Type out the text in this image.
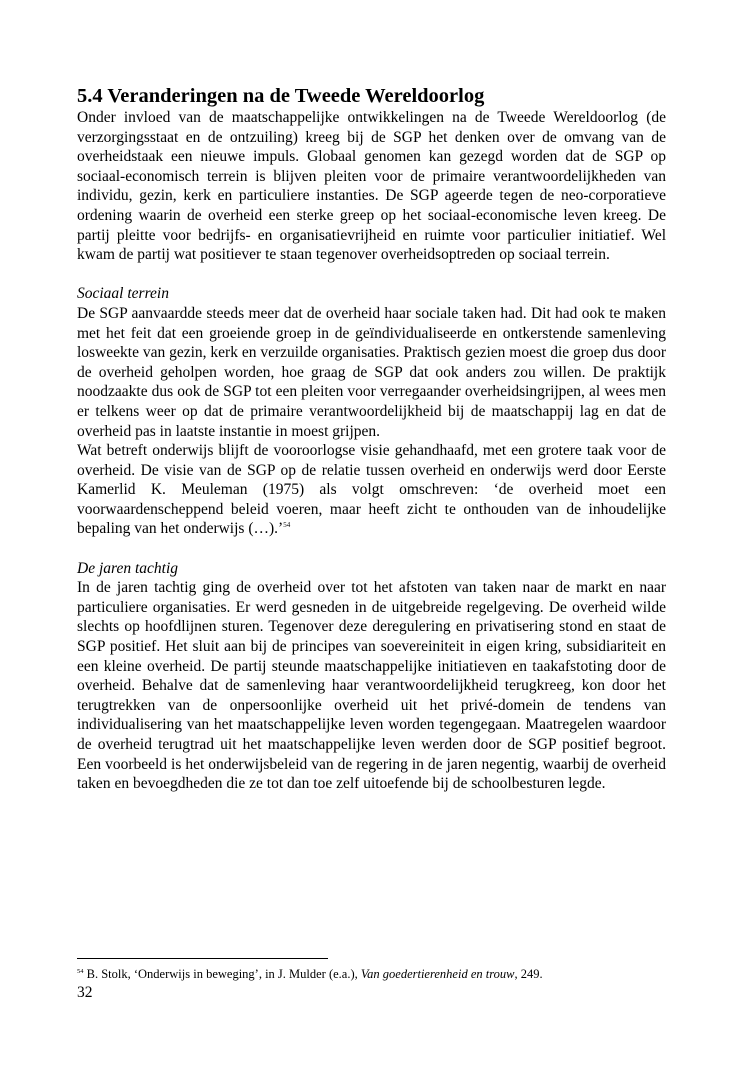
5.4 Veranderingen na de Tweede Wereldoorlog

Onder invloed van de maatschappelijke ontwikkelingen na de Tweede Wereldoorlog (de verzorgingsstaat en de ontzuiling) kreeg bij de SGP het denken over de omvang van de overheidstaak een nieuwe impuls. Globaal genomen kan gezegd worden dat de SGP op sociaal-economisch terrein is blijven pleiten voor de primaire verantwoordelijkheden van individu, gezin, kerk en particuliere instanties. De SGP ageerde tegen de neo-corporatieve ordening waarin de overheid een sterke greep op het sociaal-economische leven kreeg. De partij pleitte voor bedrijfs- en organisatievrijheid en ruimte voor particulier initiatief. Wel kwam de partij wat positiever te staan tegenover overheidsoptreden op sociaal terrein.

Sociaal terrein

De SGP aanvaardde steeds meer dat de overheid haar sociale taken had. Dit had ook te maken met het feit dat een groeiende groep in de geïndividualiseerde en ontkerstende samenleving losweekte van gezin, kerk en verzuilde organisaties. Praktisch gezien moest die groep dus door de overheid geholpen worden, hoe graag de SGP dat ook anders zou willen. De praktijk noodzaakte dus ook de SGP tot een pleiten voor verregaander overheidsingrijpen, al wees men er telkens weer op dat de primaire verantwoordelijkheid bij de maatschappij lag en dat de overheid pas in laatste instantie in moest grijpen.

Wat betreft onderwijs blijft de vooroorlogse visie gehandhaafd, met een grotere taak voor de overheid. De visie van de SGP op de relatie tussen overheid en onderwijs werd door Eerste Kamerlid K. Meuleman (1975) als volgt omschreven: ‘de overheid moet een voorwaardenscheppend beleid voeren, maar heeft zicht te onthouden van de inhoudelijke bepaling van het onderwijs (…).’$^{54}$

De jaren tachtig

In de jaren tachtig ging de overheid over tot het afstoten van taken naar de markt en naar particuliere organisaties. Er werd gesneden in de uitgebreide regelgeving. De overheid wilde slechts op hoofdlijnen sturen. Tegenover deze deregulering en privatisering stond en staat de SGP positief. Het sluit aan bij de principes van soevereiniteit in eigen kring, subsidiariteit en een kleine overheid. De partij steunde maatschappelijke initiatieven en taakafstoting door de overheid. Behalve dat de samenleving haar verantwoordelijkheid terugkreeg, kon door het terugtrekken van de onpersoonlijke overheid uit het privé-domein de tendens van individualisering van het maatschappelijke leven worden tegengegaan. Maatregelen waardoor de overheid terugtrad uit het maatschappelijke leven werden door de SGP positief begroot. Een voorbeeld is het onderwijsbeleid van de regering in de jaren negentig, waarbij de overheid taken en bevoegdheden die ze tot dan toe zelf uitoefende bij de schoolbesturen legde.

$^{54}$ B. Stolk, ‘Onderwijs in beweging’, in J. Mulder (e.a.), Van goedertierenheid en trouw, 249.
32
